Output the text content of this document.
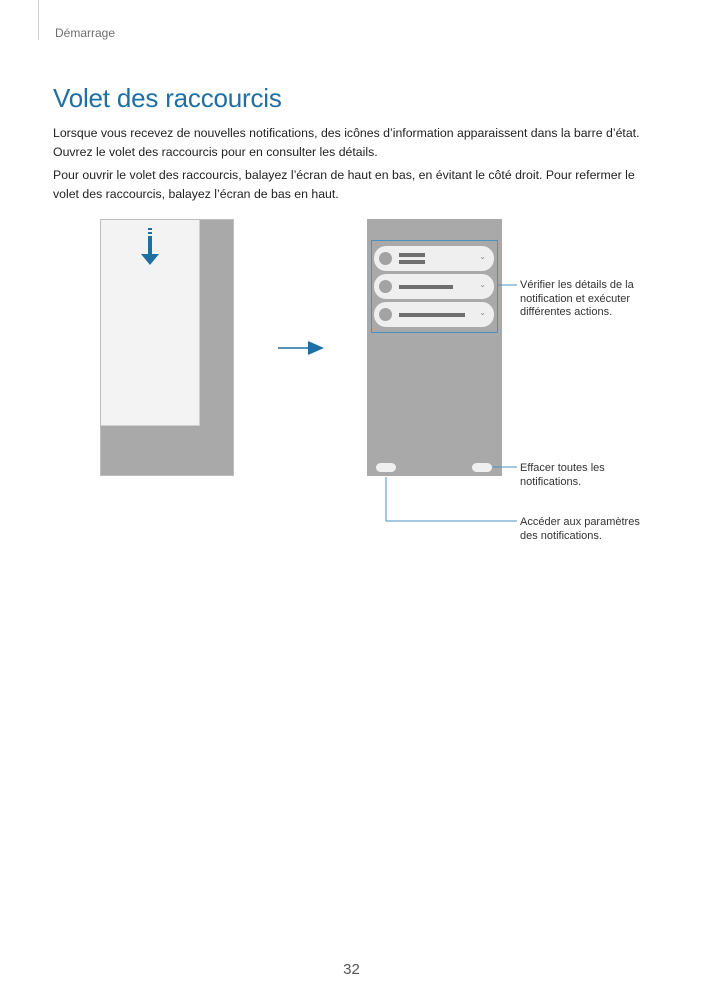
Démarrage
Volet des raccourcis

Lorsque vous recevez de nouvelles notifications, des icônes d’information apparaissent dans la barre d’état. Ouvrez le volet des raccourcis pour en consulter les détails.

Pour ouvrir le volet des raccourcis, balayez l’écran de haut en bas, en évitant le côté droit. Pour refermer le volet des raccourcis, balayez l’écran de bas en haut.

⌄
⌄
⌄
Vérifier les détails de la notification et exécuter différentes actions.
Effacer toutes les notifications.
Accéder aux paramètres des notifications.
32
